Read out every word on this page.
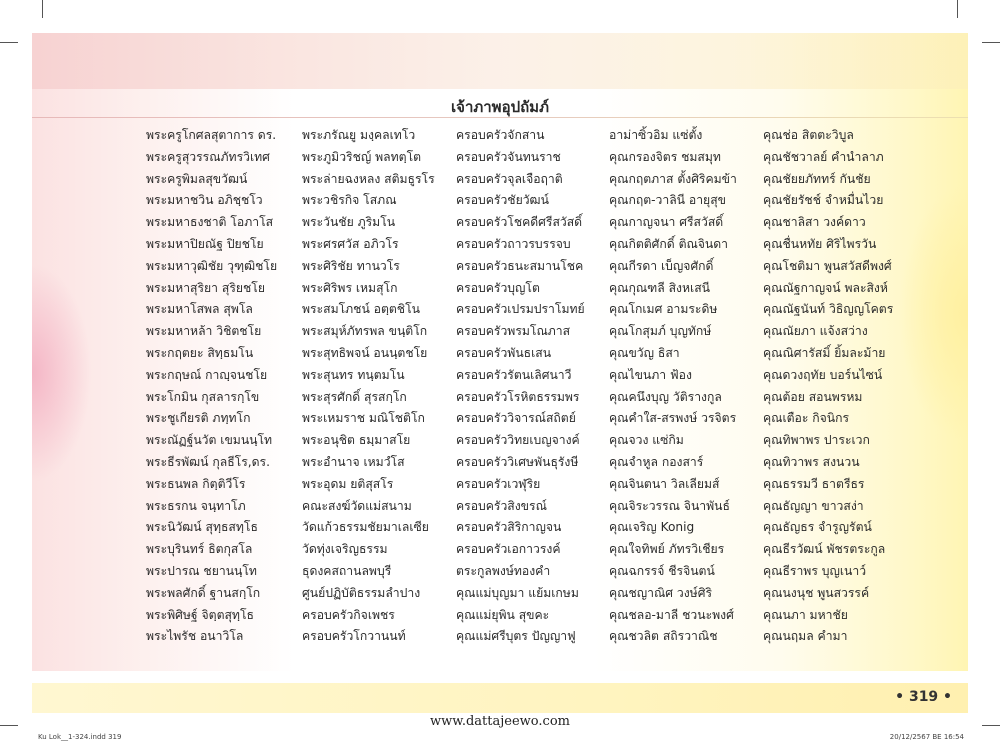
เจ้าภาพอุปถัมภ์
พระครูโกศลสุตาการ ดร.
พระครูสุวรรณภัทรวิเทศ
พระครูพิมลสุขวัฒน์
พระมหาชวิน อภิชฺชโว
พระมหาธงชาติ โอภาโส
พระมหาปิยณัฐ ปิยชโย
พระมหาวุฒิชัย วุฑฺฒิชโย
พระมหาสุริยา สุริยชโย
พระมหาโสพล สุพโล
พระมหาหล้า วิชิตชโย
พระกฤตยะ สิทฺธมโน
พระกฤษณ์ กาญฺจนชโย
พระโกมิน กุสลารกฺโข
พระชูเกียรติ ภทฺทโก
พระณัฏฐ์นวัต เขมนนฺโท
พระธีรพัฒน์ กุลธีโร,ดร.
พระธนพล กิตฺติวีโร
พระธรกน จนฺทาโภ
พระนิวัฒน์ สุทฺธสทฺโธ
พระบุรินทร์ ธิตกุสโล
พระปารณ ชยานนฺโท
พระพลศักดิ์ ฐานสกฺโก
พระพิศิษฐ์ จิตฺตสุทฺโธ
พระไพรัช อนาวิโล
พระภรัณยู มงฺคลเทโว
พระภูมิวริชญ์ พลทตฺโต
พระล่ายฉงหลง สติมธูรโร
พระวชิรกิจ โสภณ
พระวันชัย ภูริมโน
พระศรศวัส อภิวโร
พระศิริชัย ทานวโร
พระศิริพร เหมสุโก
พระสมโภชน์ อตฺตชิโน
พระสมุห์ภัทรพล ขนฺติโก
พระสุทธิพจน์ อนนฺตชโย
พระสุนทร ทนฺตมโน
พระสุรศักดิ์ สุรสกฺโก
พระเหมราช มณิโชติโก
พระอนุชิต ธมฺมาสโย
พระอำนาจ เหมวํโส
พระอุดม ยติสุสโร
คณะสงฆ์วัดแม่สนาม
วัดแก้วธรรมชัยมาเลเซีย
วัดทุ่งเจริญธรรม
ธุดงคสถานลพบุรี
ศูนย์ปฏิบัติธรรมลำปาง
ครอบครัวกิจเพชร
ครอบครัวโกวานนท์
ครอบครัวจักสาน
ครอบครัวจันทนราช
ครอบครัวจุลเจือฤาติ
ครอบครัวชัยวัฒน์
ครอบครัวโชคดีศรีสวัสดิ์
ครอบครัวถาวรบรรจบ
ครอบครัวธนะสมานโชค
ครอบครัวบุญโต
ครอบครัวเปรมปราโมทย์
ครอบครัวพรมโณภาส
ครอบครัวพันธเสน
ครอบครัวรัตนเลิศนาวี
ครอบครัวโรหิตธรรมพร
ครอบครัววิจารณ์สถิตย์
ครอบครัววิทยเบญจางค์
ครอบครัววิเศษพันธุรังษี
ครอบครัวเวฬุริย
ครอบครัวสิงขรณ์
ครอบครัวสิริกาญจน
ครอบครัวเอกาวรงค์
ตระกูลพงษ์ทองคำ
คุณแม่บุญมา แย้มเกษม
คุณแม่ยุพิน สุขคะ
คุณแม่ศรีบุตร ปัญญาฟู
อาม่าซิ้วอิม แซ่ตั้ง
คุณกรองจิตร ชมสมุท
คุณกฤตภาส ตั้งศิริคมข้า
คุณกฤต-วาลินี อายุสุข
คุณกาญจนา ศรีสวัสดิ์
คุณกิตติศักดิ์ ติณจินดา
คุณกีรดา เบ็ญจศักดิ์
คุณกุณฑลี สิงหเสนี
คุณโกเมศ อามระดิษ
คุณโกสุมภ์ บุญทักษ์
คุณขวัญ ธิสา
คุณไขนภา ฟ้อง
คุณคนึงบุญ วัติรางกูล
คุณคำใส-สรพงษ์ วรจิตร
คุณจวง แซ่กิม
คุณจำหูล กองสาร์
คุณจินตนา วิลเลียมส์
คุณจิระวรรณ จินาพันธ์
คุณเจริญ Konig
คุณใจทิพย์ ภัทรวิเชียร
คุณฉกรรจ์ ชีรจินตน์
คุณชญาณิศ วงษ์ศิริ
คุณชลอ-มาลี ชวนะพงศ์
คุณชวลิต สถิรวาณิช
คุณช่อ สิตตะวิบูล
คุณชัชวาลย์ คำนำลาภ
คุณชัยยภัททร์ กันชัย
คุณชัยรัชช์ จำหมื่นไวย
คุณชาลิสา วงค์ดาว
คุณชื่นหทัย ศิริไพรวัน
คุณโชติมา พูนสวัสดีพงศ์
คุณณัฐกาญจน์ พละสิงห์
คุณณัฐนันท์ วิธิญญโคตร
คุณณัยภา แจ้งสว่าง
คุณณิศารัสมิ์ ยิ้มละม้าย
คุณดวงฤทัย บอร์นไซน์
คุณต้อย สอนพรหม
คุณเตือะ กิจนิกร
คุณทิพาพร ปาระเวก
คุณทิวาพร สงนวน
คุณธรรมวี ธาตรีธร
คุณธัญญา ขาวสง่า
คุณธัญธร จำรูญรัตน์
คุณธีรวัฒน์ พัชรตระกูล
คุณธีราพร บุญเนาว์
คุณนงนุช พูนสวรรค์
คุณนภา มหาชัย
คุณนฤมล คำมา
• 319 •
www.dattajeewo.com
Ku Lok__1-324.indd 319	20/12/2567 BE 16:54
